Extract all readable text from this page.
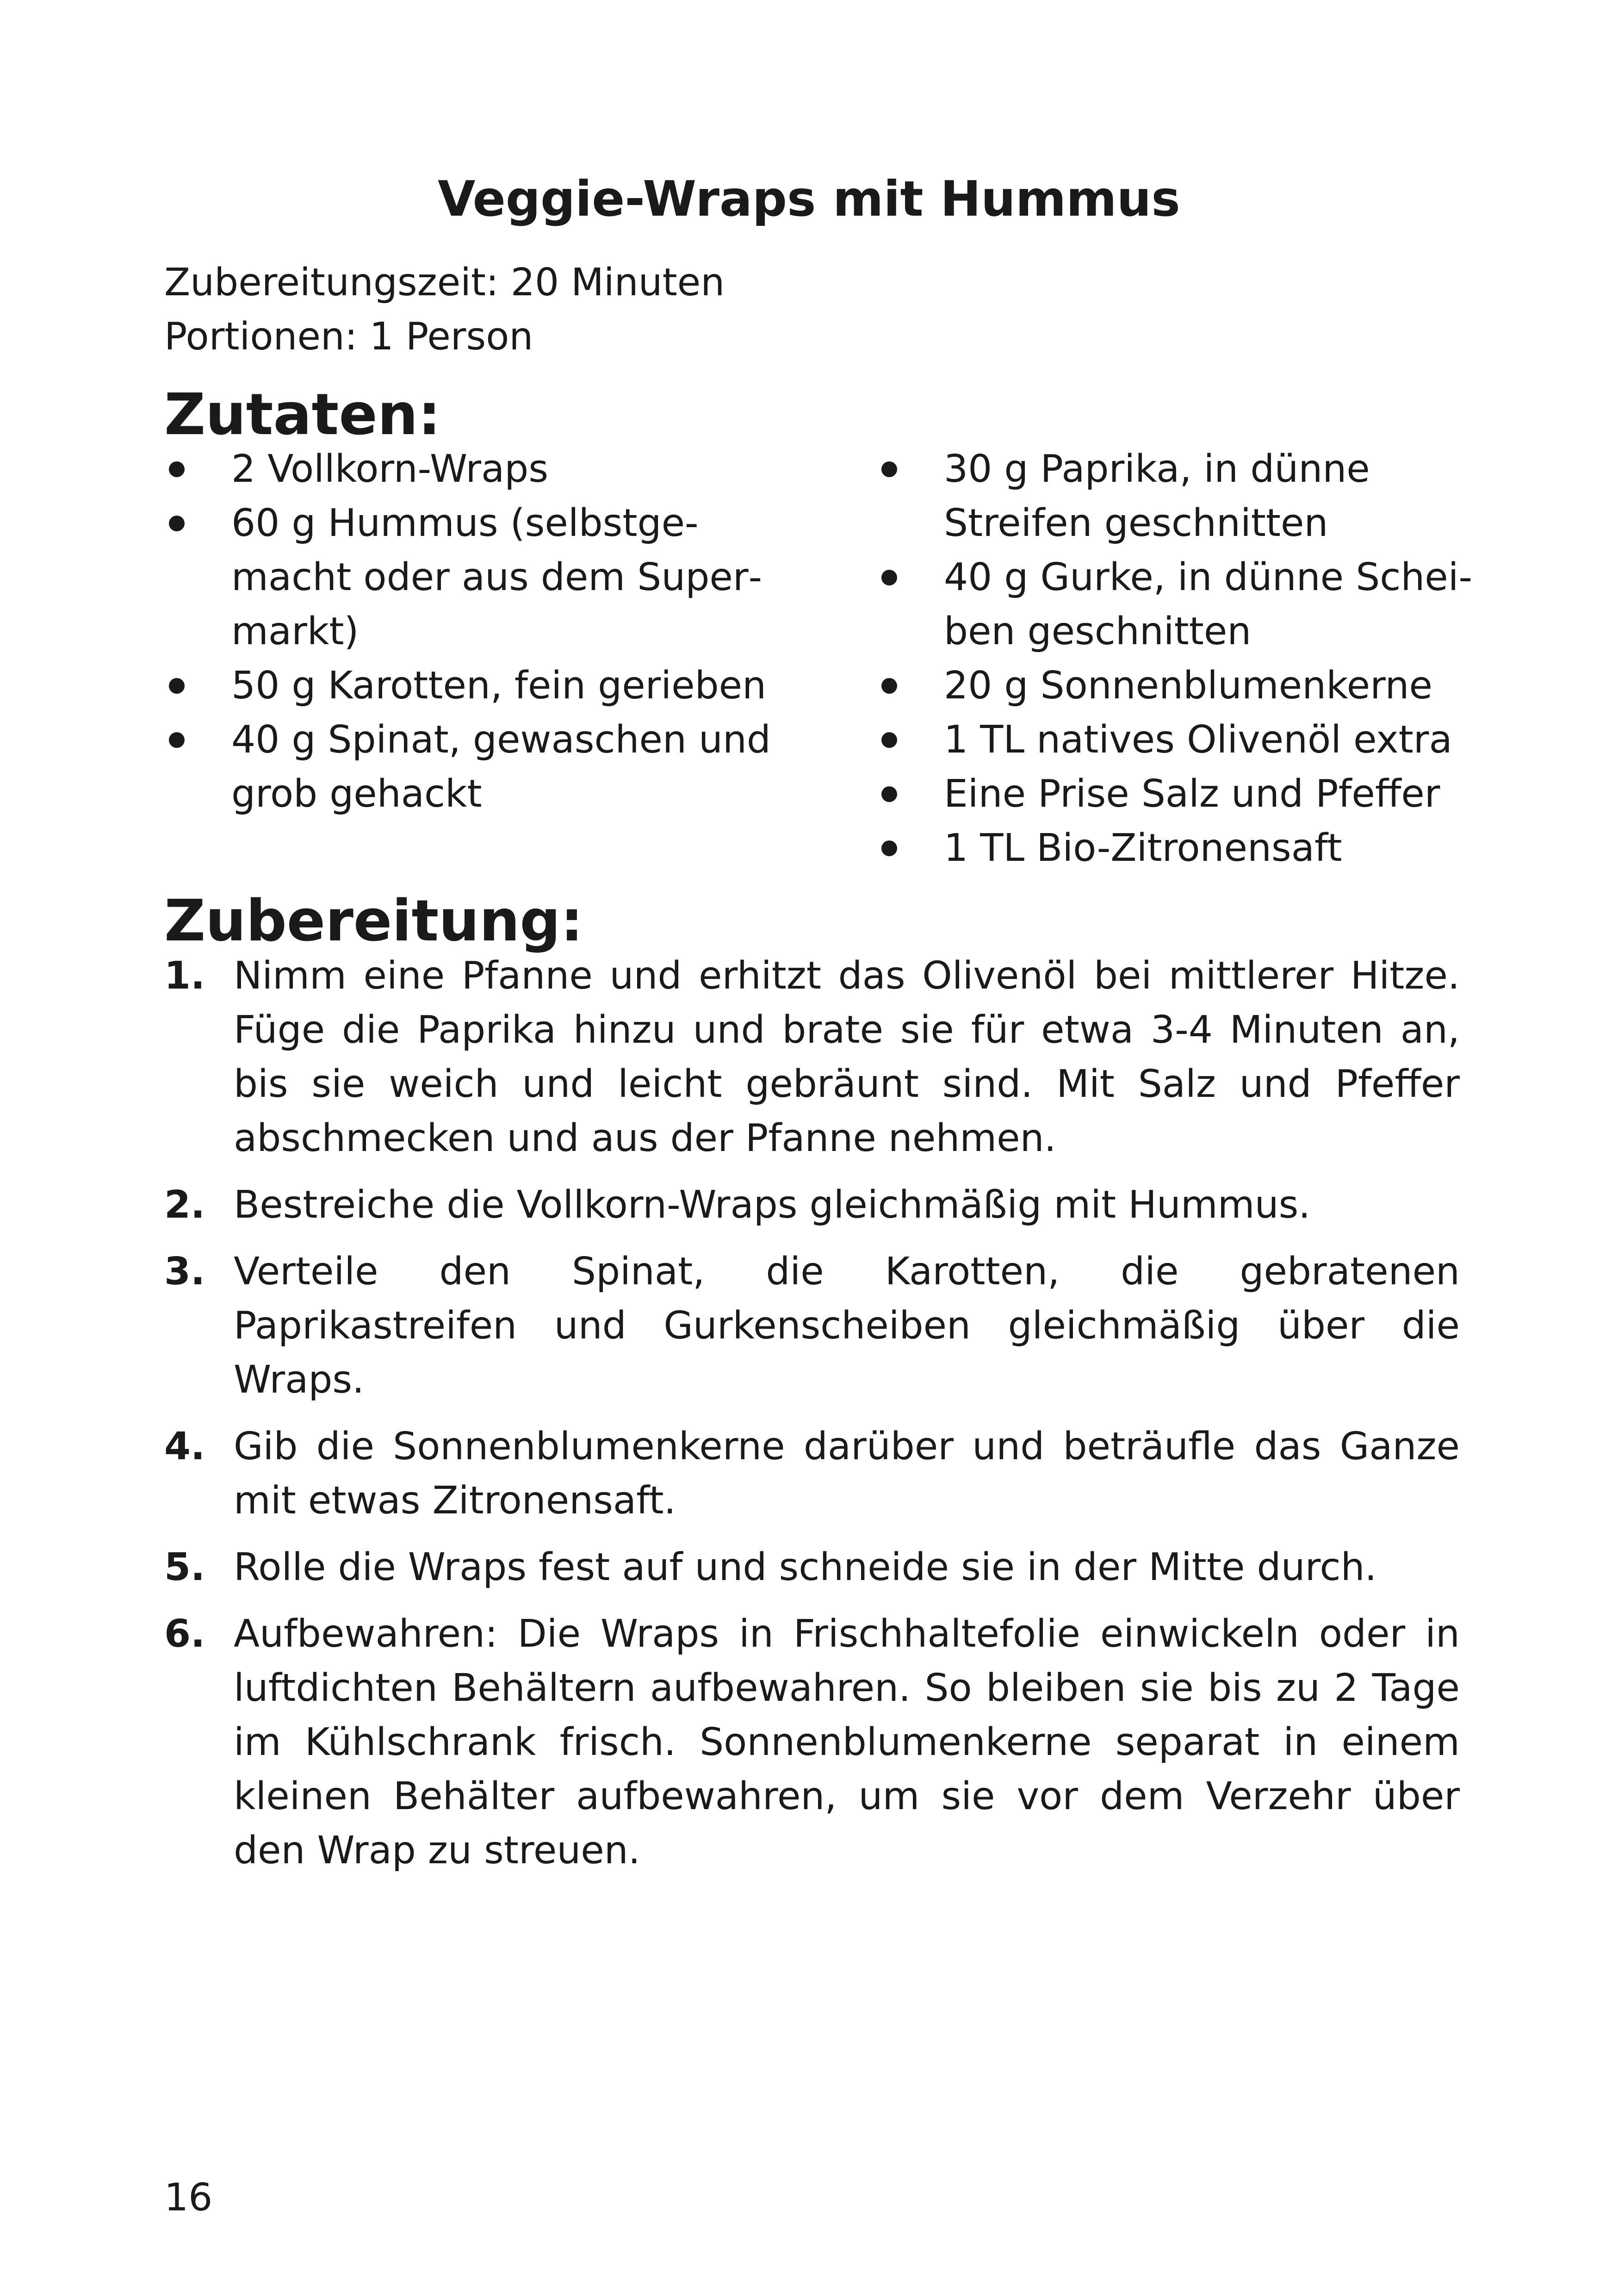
Veggie-Wraps mit Hummus
Zubereitungszeit: 20 Minuten
Portionen: 1 Person
Zutaten:
2 Vollkorn-Wraps
60 g Hummus (selbstgemacht oder aus dem Supermarkt)
50 g Karotten, fein gerieben
40 g Spinat, gewaschen und grob gehackt
30 g Paprika, in dünne Streifen geschnitten
40 g Gurke, in dünne Scheiben geschnitten
20 g Sonnenblumenkerne
1 TL natives Olivenöl extra
Eine Prise Salz und Pfeffer
1 TL Bio-Zitronensaft
Zubereitung:
1. Nimm eine Pfanne und erhitzt das Olivenöl bei mittlerer Hitze. Füge die Paprika hinzu und brate sie für etwa 3-4 Minuten an, bis sie weich und leicht gebräunt sind. Mit Salz und Pfeffer abschmecken und aus der Pfanne nehmen.
2. Bestreiche die Vollkorn-Wraps gleichmäßig mit Hummus.
3. Verteile den Spinat, die Karotten, die gebratenen Paprikastreifen und Gurkenscheiben gleichmäßig über die Wraps.
4. Gib die Sonnenblumenkerne darüber und beträufle das Ganze mit etwas Zitronensaft.
5. Rolle die Wraps fest auf und schneide sie in der Mitte durch.
6. Aufbewahren: Die Wraps in Frischhaltefolie einwickeln oder in luftdichten Behältern aufbewahren. So bleiben sie bis zu 2 Tage im Kühlschrank frisch. Sonnenblumenkerne separat in einem kleinen Behälter aufbewahren, um sie vor dem Verzehr über den Wrap zu streuen.
16
